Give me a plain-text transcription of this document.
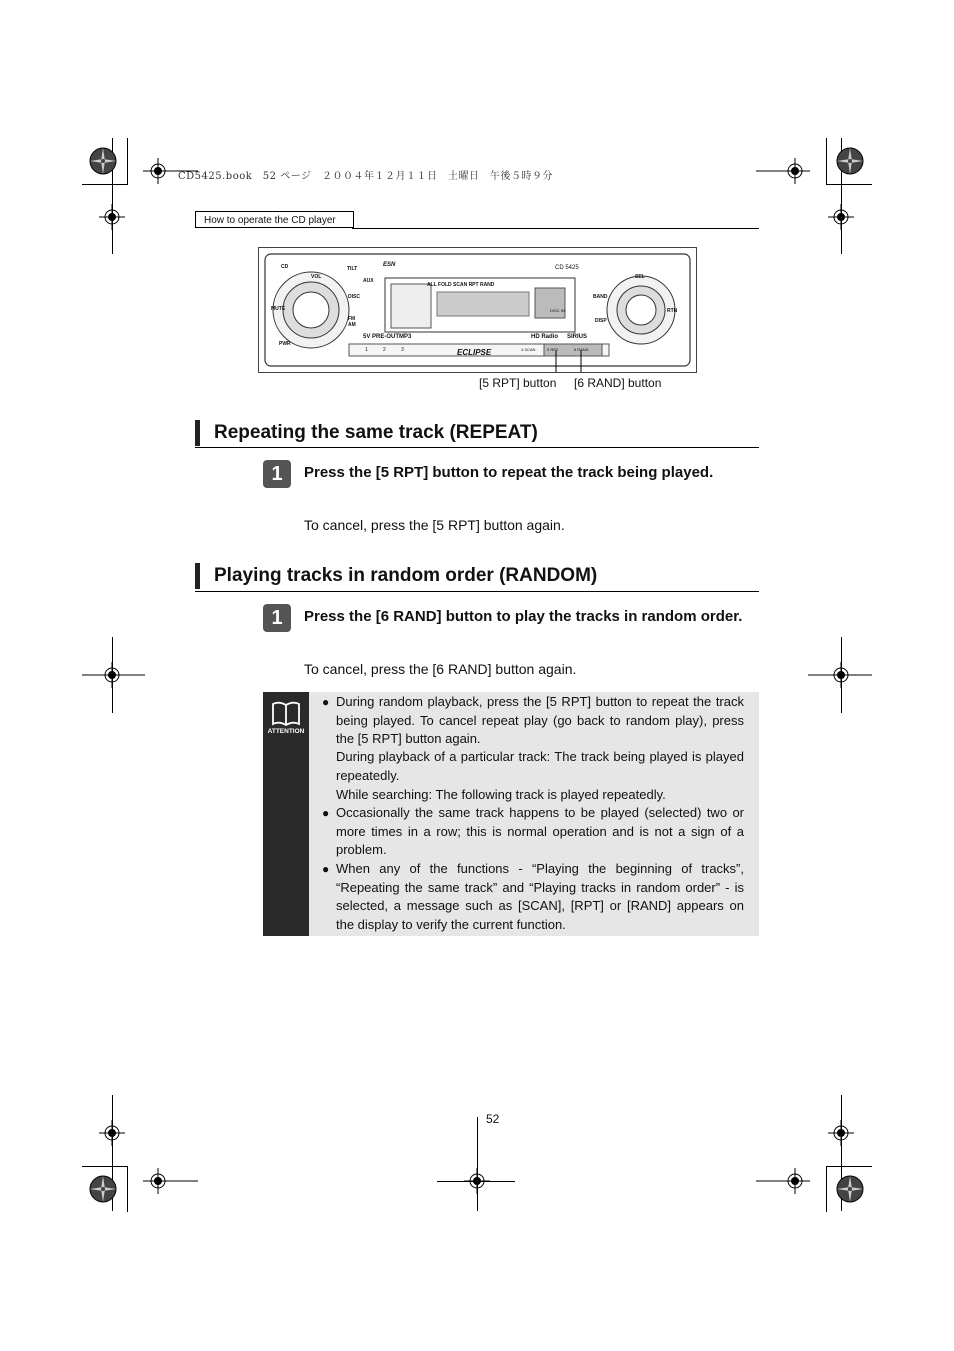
CD5425.book　52 ページ　２００４年１２月１１日　土曜日　午後５時９分
How to operate the CD player
CD
VOL
MUTE
PWR
TILT
AUX
DISC
FM AM
ESN
SEL
BAND
DISP
RTN
CD 5425
ALL FOLD SCAN RPT RAND
DISC IN
ECLIPSE
5V PRE-OUT MP3	HD Radio SIRIUS
1	2	3	4 SCAN	5 RPT	6 RAND
[5 RPT] button [6 RAND] button
Repeating the same track (REPEAT)
1	Press the [5 RPT] button to repeat the track being played.
To cancel, press the [5 RPT] button again.
Playing tracks in random order (RANDOM)
1	Press the [6 RAND] button to play the tracks in random order.
To cancel, press the [6 RAND] button again.
ATTENTION
● During random playback, press the [5 RPT] button to repeat the track being played. To cancel repeat play (go back to random play), press the [5 RPT] button again.

During playback of a particular track: The track being played is played repeatedly.

While searching: The following track is played repeatedly.

● Occasionally the same track happens to be played (selected) two or more times in a row; this is normal operation and is not a sign of a problem.

● When any of the functions - “Playing the beginning of tracks”, “Repeating the same track” and “Playing tracks in random order” - is selected, a message such as [SCAN], [RPT] or [RAND] appears on the display to verify the current function.

52
